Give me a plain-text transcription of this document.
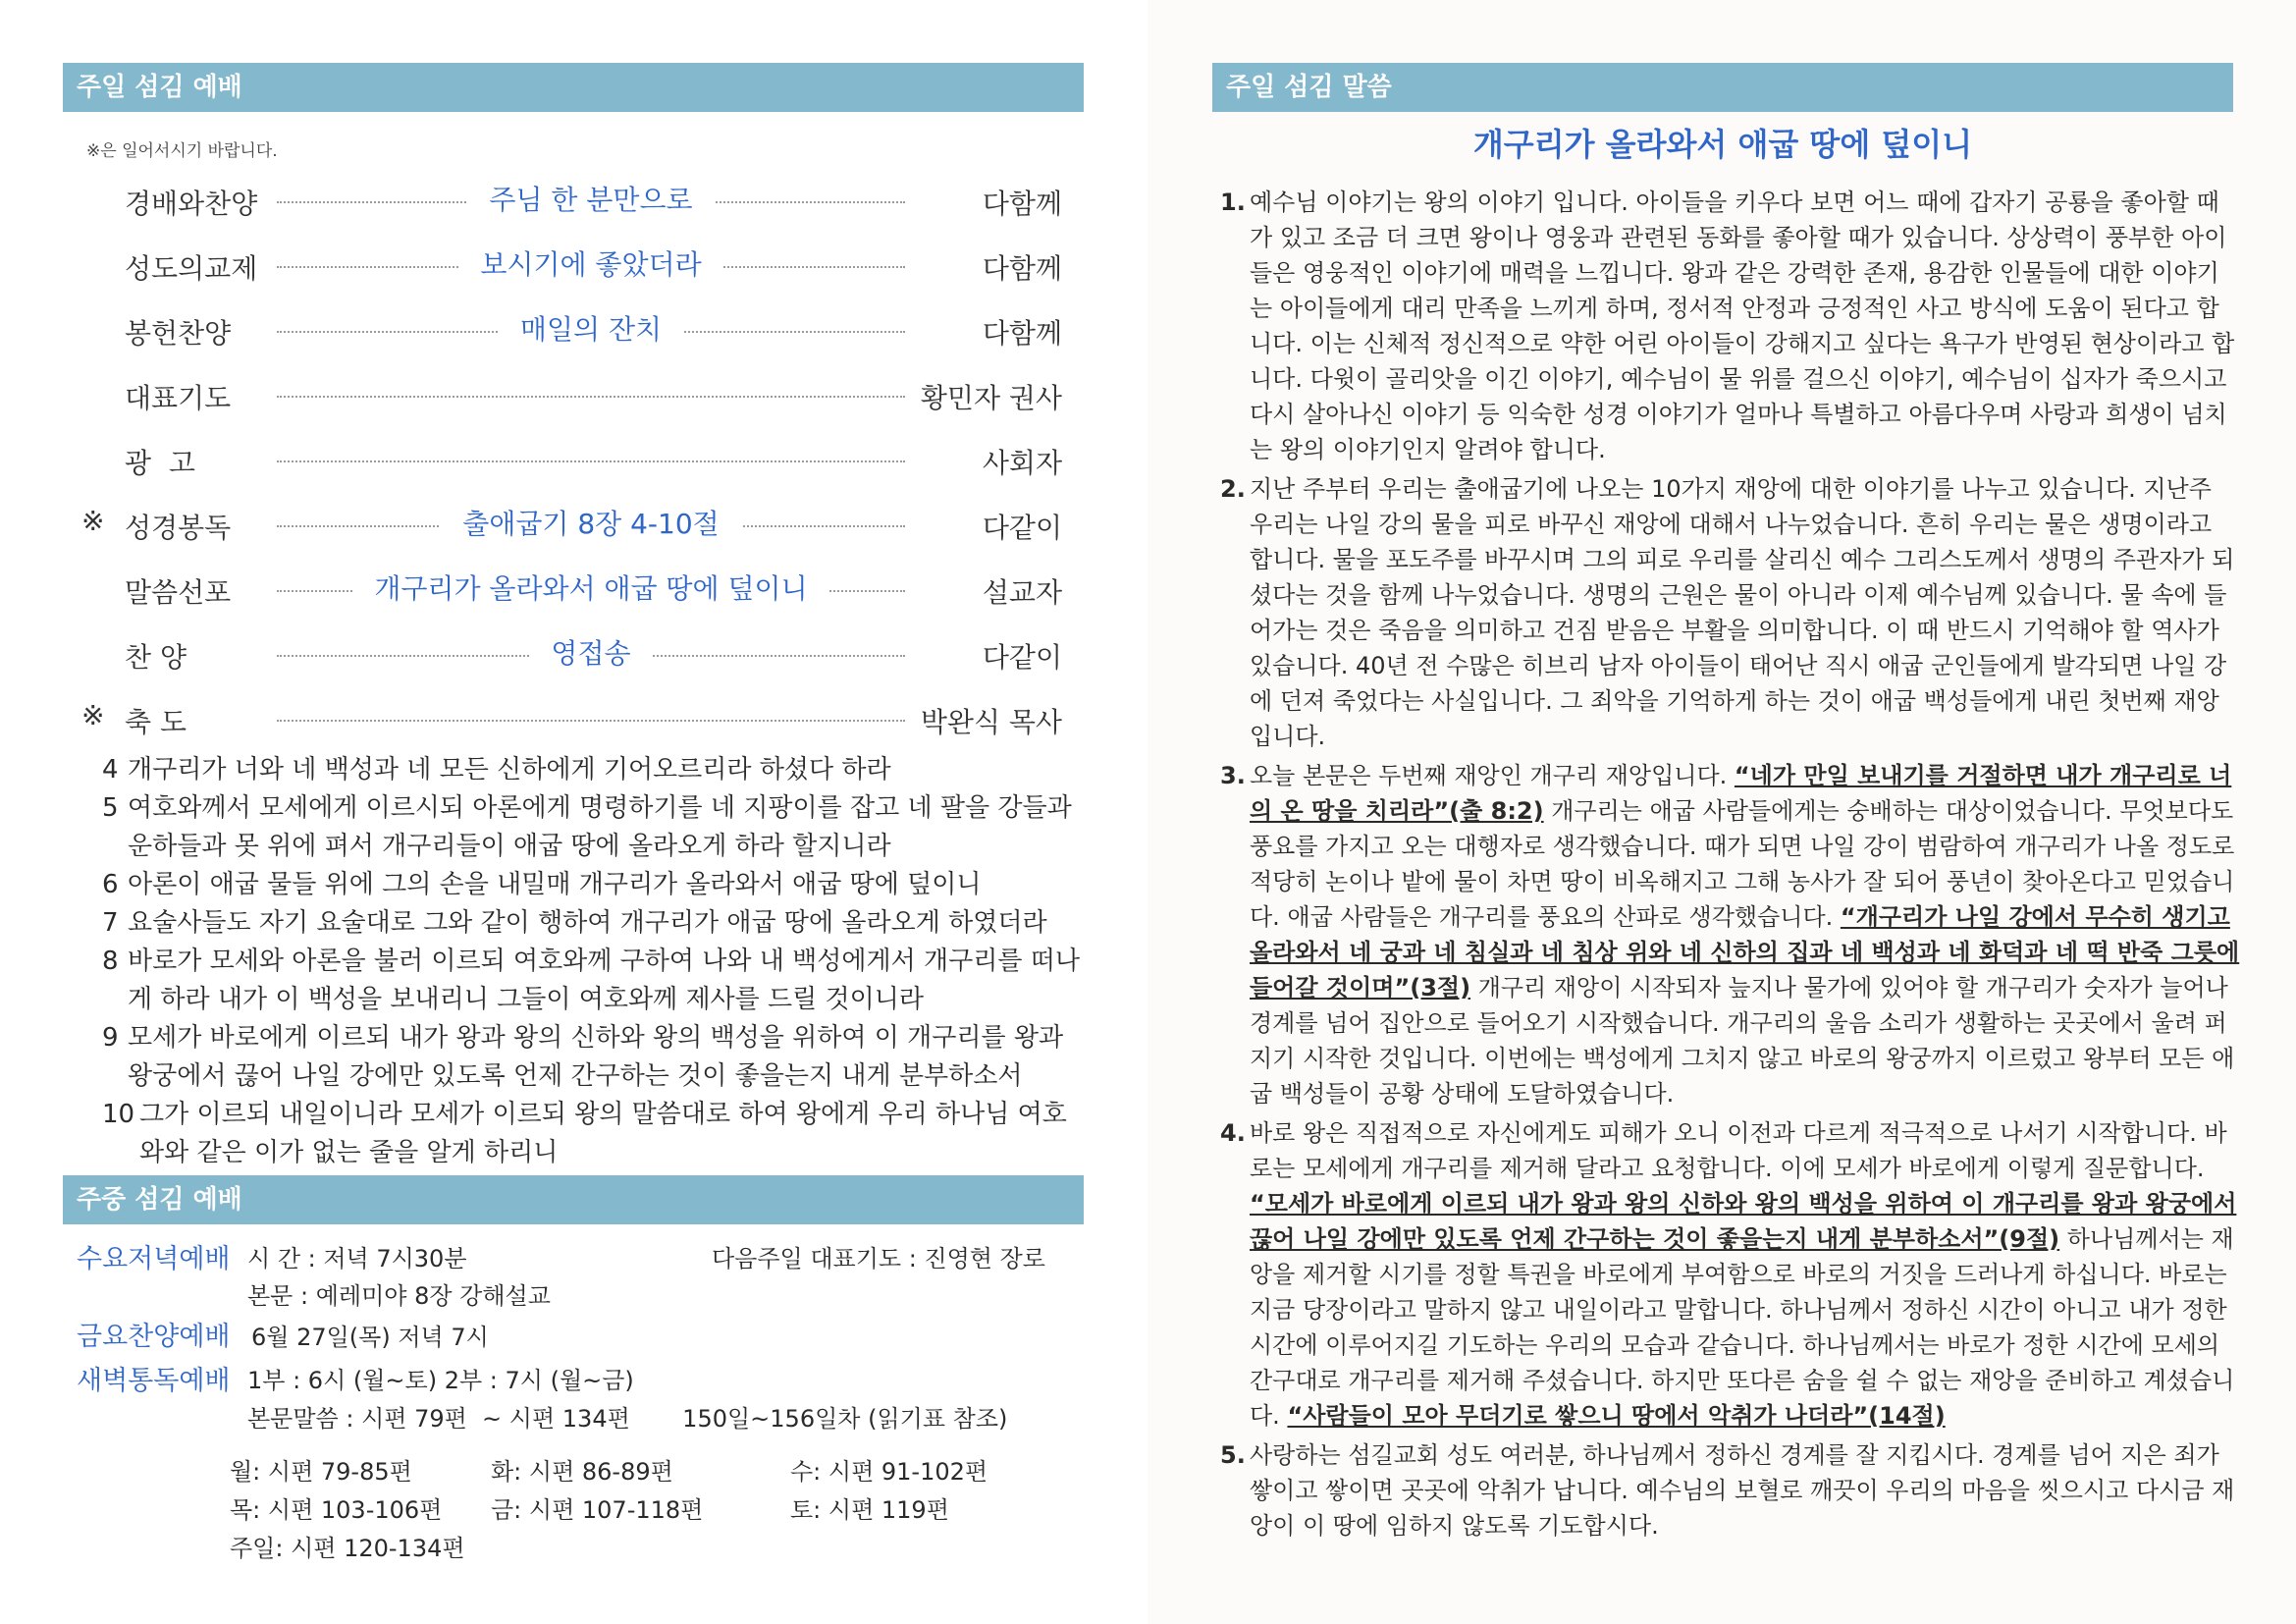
주일 섬김 예배
※은 일어서시기 바랍니다.
경배와찬양	주님 한 분만으로	다함께
성도의교제	보시기에 좋았더라	다함께
봉헌찬양	매일의 잔치	다함께
대표기도	황민자 권사
광  고	사회자
※ 성경봉독	출애굽기 8장 4-10절	다같이
말씀선포	개구리가 올라와서 애굽 땅에 덮이니	설교자
찬 양	영접송	다같이
※ 축 도	박완식 목사
4 개구리가 너와 네 백성과 네 모든 신하에게 기어오르리라 하셨다 하라
5 여호와께서 모세에게 이르시되 아론에게 명령하기를 네 지팡이를 잡고 네 팔을 강들과 운하들과 못 위에 펴서 개구리들이 애굽 땅에 올라오게 하라 할지니라
6 아론이 애굽 물들 위에 그의 손을 내밀매 개구리가 올라와서 애굽 땅에 덮이니
7 요술사들도 자기 요술대로 그와 같이 행하여 개구리가 애굽 땅에 올라오게 하였더라
8 바로가 모세와 아론을 불러 이르되 여호와께 구하여 나와 내 백성에게서 개구리를 떠나게 하라 내가 이 백성을 보내리니 그들이 여호와께 제사를 드릴 것이니라
9 모세가 바로에게 이르되 내가 왕과 왕의 신하와 왕의 백성을 위하여 이 개구리를 왕과 왕궁에서 끊어 나일 강에만 있도록 언제 간구하는 것이 좋을는지 내게 분부하소서
10 그가 이르되 내일이니라 모세가 이르되 왕의 말씀대로 하여 왕에게 우리 하나님 여호와와 같은 이가 없는 줄을 알게 하리니
주중 섬김 예배
수요저녁예배 시 간 : 저녁 7시30분	다음주일 대표기도 : 진영현 장로
본문 : 예레미야 8장 강해설교
금요찬양예배 6월 27일(목) 저녁 7시
새벽통독예배 1부 : 6시 (월~토) 2부 : 7시 (월~금)
본문말씀 : 시편 79편  ~ 시편 134편       150일~156일차 (읽기표 참조)
월: 시편 79-85편	화: 시편 86-89편	수: 시편 91-102편
목: 시편 103-106편 금: 시편 107-118편	토: 시편 119편
주일: 시편 120-134편
주일 섬김 말씀
개구리가 올라와서 애굽 땅에 덮이니
1. 예수님 이야기는 왕의 이야기 입니다. 아이들을 키우다 보면 어느 때에 갑자기 공룡을 좋아할 때가 있고 조금 더 크면 왕이나 영웅과 관련된 동화를 좋아할 때가 있습니다. 상상력이 풍부한 아이들은 영웅적인 이야기에 매력을 느낍니다. 왕과 같은 강력한 존재, 용감한 인물들에 대한 이야기는 아이들에게 대리 만족을 느끼게 하며, 정서적 안정과 긍정적인 사고 방식에 도움이 된다고 합니다. 이는 신체적 정신적으로 약한 어린 아이들이 강해지고 싶다는 욕구가 반영된 현상이라고 합니다. 다윗이 골리앗을 이긴 이야기, 예수님이 물 위를 걸으신 이야기, 예수님이 십자가 죽으시고 다시 살아나신 이야기 등 익숙한 성경 이야기가 얼마나 특별하고 아름다우며 사랑과 희생이 넘치는 왕의 이야기인지 알려야 합니다.
2. 지난 주부터 우리는 출애굽기에 나오는 10가지 재앙에 대한 이야기를 나누고 있습니다. 지난주 우리는 나일 강의 물을 피로 바꾸신 재앙에 대해서 나누었습니다. 흔히 우리는 물은 생명이라고 합니다. 물을 포도주를 바꾸시며 그의 피로 우리를 살리신 예수 그리스도께서 생명의 주관자가 되셨다는 것을 함께 나누었습니다. 생명의 근원은 물이 아니라 이제 예수님께 있습니다. 물 속에 들어가는 것은 죽음을 의미하고 건짐 받음은 부활을 의미합니다. 이 때 반드시 기억해야 할 역사가 있습니다. 40년 전 수많은 히브리 남자 아이들이 태어난 직시 애굽 군인들에게 발각되면 나일 강에 던져 죽었다는 사실입니다. 그 죄악을 기억하게 하는 것이 애굽 백성들에게 내린 첫번째 재앙입니다.
3. 오늘 본문은 두번째 재앙인 개구리 재앙입니다. “네가 만일 보내기를 거절하면 내가 개구리로 너의 온 땅을 치리라”(출 8:2) 개구리는 애굽 사람들에게는 숭배하는 대상이었습니다. 무엇보다도 풍요를 가지고 오는 대행자로 생각했습니다. 때가 되면 나일 강이 범람하여 개구리가 나올 정도로 적당히 논이나 밭에 물이 차면 땅이 비옥해지고 그해 농사가 잘 되어 풍년이 찾아온다고 믿었습니다. 애굽 사람들은 개구리를 풍요의 산파로 생각했습니다. “개구리가 나일 강에서 무수히 생기고 올라와서 네 궁과 네 침실과 네 침상 위와 네 신하의 집과 네 백성과 네 화덕과 네 떡 반죽 그릇에 들어갈 것이며”(3절) 개구리 재앙이 시작되자 늪지나 물가에 있어야 할 개구리가 숫자가 늘어나 경계를 넘어 집안으로 들어오기 시작했습니다. 개구리의 울음 소리가 생활하는 곳곳에서 울려 퍼지기 시작한 것입니다. 이번에는 백성에게 그치지 않고 바로의 왕궁까지 이르렀고 왕부터 모든 애굽 백성들이 공황 상태에 도달하였습니다.
4. 바로 왕은 직접적으로 자신에게도 피해가 오니 이전과 다르게 적극적으로 나서기 시작합니다. 바로는 모세에게 개구리를 제거해 달라고 요청합니다. 이에 모세가 바로에게 이렇게 질문합니다. “모세가 바로에게 이르되 내가 왕과 왕의 신하와 왕의 백성을 위하여 이 개구리를 왕과 왕궁에서 끊어 나일 강에만 있도록 언제 간구하는 것이 좋을는지 내게 분부하소서”(9절) 하나님께서는 재앙을 제거할 시기를 정할 특권을 바로에게 부여함으로 바로의 거짓을 드러나게 하십니다. 바로는 지금 당장이라고 말하지 않고 내일이라고 말합니다. 하나님께서 정하신 시간이 아니고 내가 정한 시간에 이루어지길 기도하는 우리의 모습과 같습니다. 하나님께서는 바로가 정한 시간에 모세의 간구대로 개구리를 제거해 주셨습니다. 하지만 또다른 숨을 쉴 수 없는 재앙을 준비하고 계셨습니다. “사람들이 모아 무더기로 쌓으니 땅에서 악취가 나더라”(14절)
5. 사랑하는 섬길교회 성도 여러분, 하나님께서 정하신 경계를 잘 지킵시다. 경계를 넘어 지은 죄가 쌓이고 쌓이면 곳곳에 악취가 납니다. 예수님의 보혈로 깨끗이 우리의 마음을 씻으시고 다시금 재앙이 이 땅에 임하지 않도록 기도합시다.
